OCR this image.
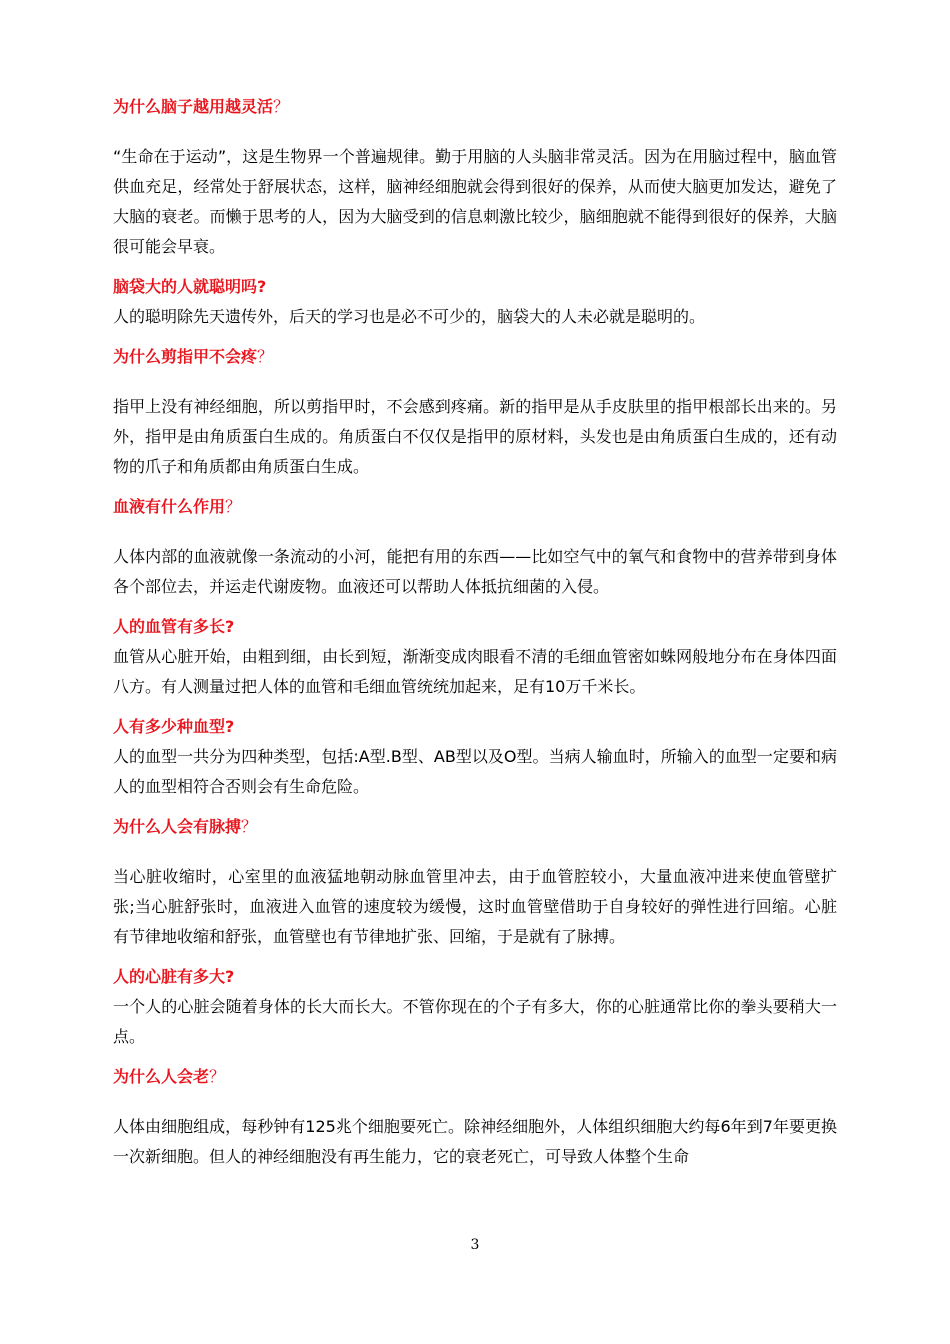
为什么脑子越用越灵活？

“生命在于运动”，这是生物界一个普遍规律。勤于用脑的人头脑非常灵活。因为在用脑过程中，脑血管供血充足，经常处于舒展状态，这样，脑神经细胞就会得到很好的保养，从而使大脑更加发达，避免了大脑的衰老。而懒于思考的人，因为大脑受到的信息刺激比较少，脑细胞就不能得到很好的保养，大脑很可能会早衰。

脑袋大的人就聪明吗?

人的聪明除先天遗传外，后天的学习也是必不可少的，脑袋大的人未必就是聪明的。

为什么剪指甲不会疼？

指甲上没有神经细胞，所以剪指甲时，不会感到疼痛。新的指甲是从手皮肤里的指甲根部长出来的。另外，指甲是由角质蛋白生成的。角质蛋白不仅仅是指甲的原材料，头发也是由角质蛋白生成的，还有动物的爪子和角质都由角质蛋白生成。

血液有什么作用？

人体内部的血液就像一条流动的小河，能把有用的东西——比如空气中的氧气和食物中的营养带到身体各个部位去，并运走代谢废物。血液还可以帮助人体抵抗细菌的入侵。

人的血管有多长?

血管从心脏开始，由粗到细，由长到短，渐渐变成肉眼看不清的毛细血管密如蛛网般地分布在身体四面八方。有人测量过把人体的血管和毛细血管统统加起来，足有10万千米长。

人有多少种血型?

人的血型一共分为四种类型，包括:A型.B型、AB型以及O型。当病人输血时，所输入的血型一定要和病人的血型相符合否则会有生命危险。

为什么人会有脉搏？

当心脏收缩时，心室里的血液猛地朝动脉血管里冲去，由于血管腔较小，大量血液冲进来使血管壁扩张;当心脏舒张时，血液进入血管的速度较为缓慢，这时血管壁借助于自身较好的弹性进行回缩。心脏有节律地收缩和舒张，血管壁也有节律地扩张、回缩，于是就有了脉搏。

人的心脏有多大?

一个人的心脏会随着身体的长大而长大。不管你现在的个子有多大，你的心脏通常比你的拳头要稍大一点。

为什么人会老？

人体由细胞组成，每秒钟有125兆个细胞要死亡。除神经细胞外，人体组织细胞大约每6年到7年要更换一次新细胞。但人的神经细胞没有再生能力，它的衰老死亡，可导致人体整个生命

3
